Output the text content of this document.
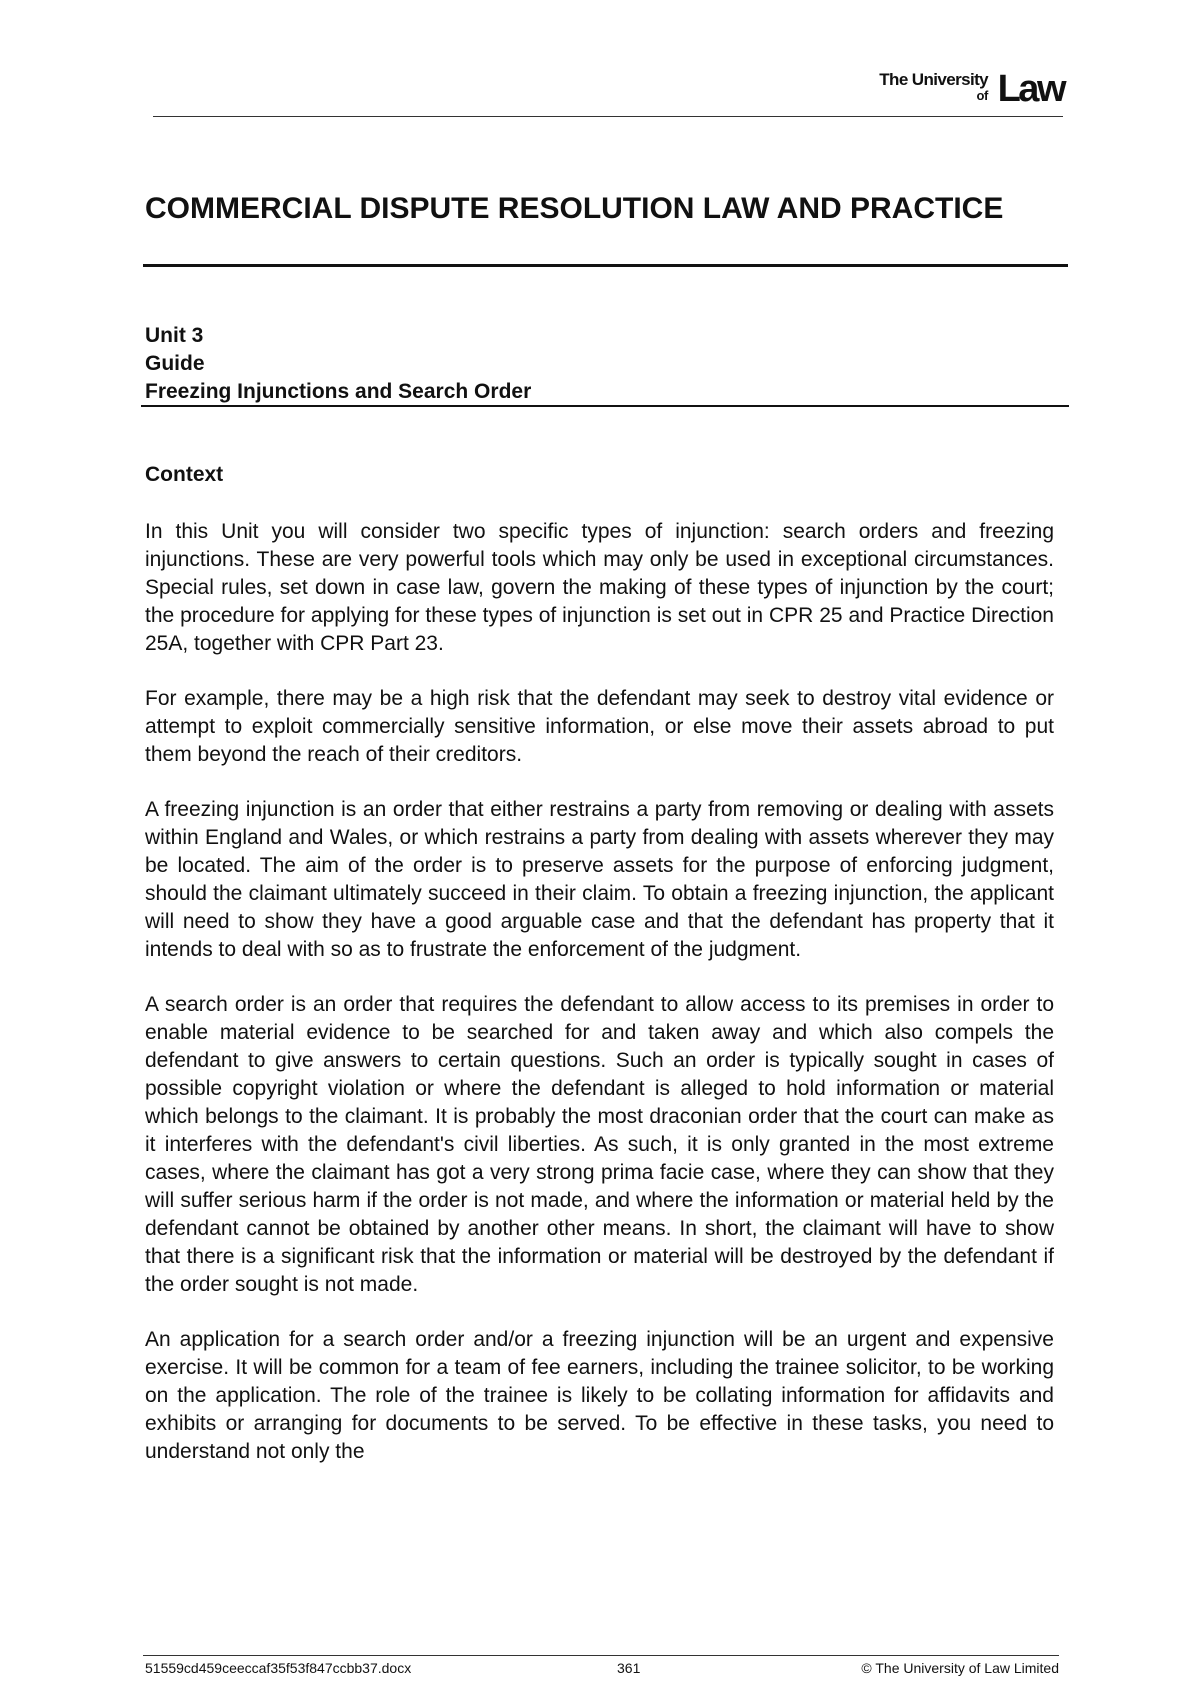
The University
of Law
COMMERCIAL DISPUTE RESOLUTION LAW AND PRACTICE
Unit 3
Guide
Freezing Injunctions and Search Order
Context

In this Unit you will consider two specific types of injunction: search orders and freezing injunctions. These are very powerful tools which may only be used in exceptional circumstances. Special rules, set down in case law, govern the making of these types of injunction by the court; the procedure for applying for these types of injunction is set out in CPR 25 and Practice Direction 25A, together with CPR Part 23.

For example, there may be a high risk that the defendant may seek to destroy vital evidence or attempt to exploit commercially sensitive information, or else move their assets abroad to put them beyond the reach of their creditors.

A freezing injunction is an order that either restrains a party from removing or dealing with assets within England and Wales, or which restrains a party from dealing with assets wherever they may be located. The aim of the order is to preserve assets for the purpose of enforcing judgment, should the claimant ultimately succeed in their claim. To obtain a freezing injunction, the applicant will need to show they have a good arguable case and that the defendant has property that it intends to deal with so as to frustrate the enforcement of the judgment.

A search order is an order that requires the defendant to allow access to its premises in order to enable material evidence to be searched for and taken away and which also compels the defendant to give answers to certain questions. Such an order is typically sought in cases of possible copyright violation or where the defendant is alleged to hold information or material which belongs to the claimant. It is probably the most draconian order that the court can make as it interferes with the defendant's civil liberties. As such, it is only granted in the most extreme cases, where the claimant has got a very strong prima facie case, where they can show that they will suffer serious harm if the order is not made, and where the information or material held by the defendant cannot be obtained by another other means. In short, the claimant will have to show that there is a significant risk that the information or material will be destroyed by the defendant if the order sought is not made.

An application for a search order and/or a freezing injunction will be an urgent and expensive exercise. It will be common for a team of fee earners, including the trainee solicitor, to be working on the application. The role of the trainee is likely to be collating information for affidavits and exhibits or arranging for documents to be served. To be effective in these tasks, you need to understand not only the

51559cd459ceeccaf35f53f847ccbb37.docx	361	© The University of Law Limited
